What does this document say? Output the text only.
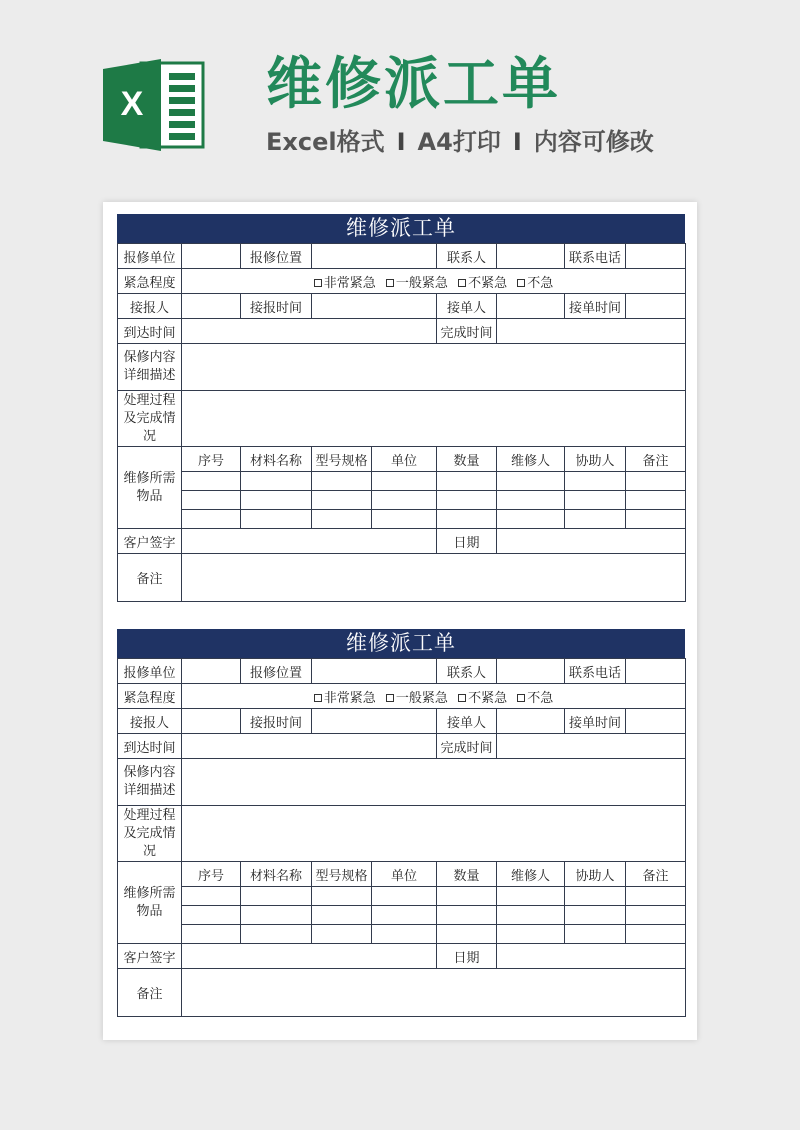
X 维修派工单
Excel格式 I A4打印 I 内容可修改
维修派工单
报修单位		报修位置			联系人		联系电话	
紧急程度	非常紧急 一般紧急 不紧急 不急							
接报人		接报时间			接单人		接单时间	
到达时间					完成时间			
保修内容详细描述								
处理过程及完成情况								
维修所需物品	序号	材料名称	型号规格	单位	数量	维修人	协助人	备注

客户签字					日期			
备注								
维修派工单
报修单位		报修位置			联系人		联系电话	
紧急程度	非常紧急 一般紧急 不紧急 不急							
接报人		接报时间			接单人		接单时间	
到达时间					完成时间			
保修内容详细描述								
处理过程及完成情况								
维修所需物品	序号	材料名称	型号规格	单位	数量	维修人	协助人	备注

客户签字					日期			
备注								
